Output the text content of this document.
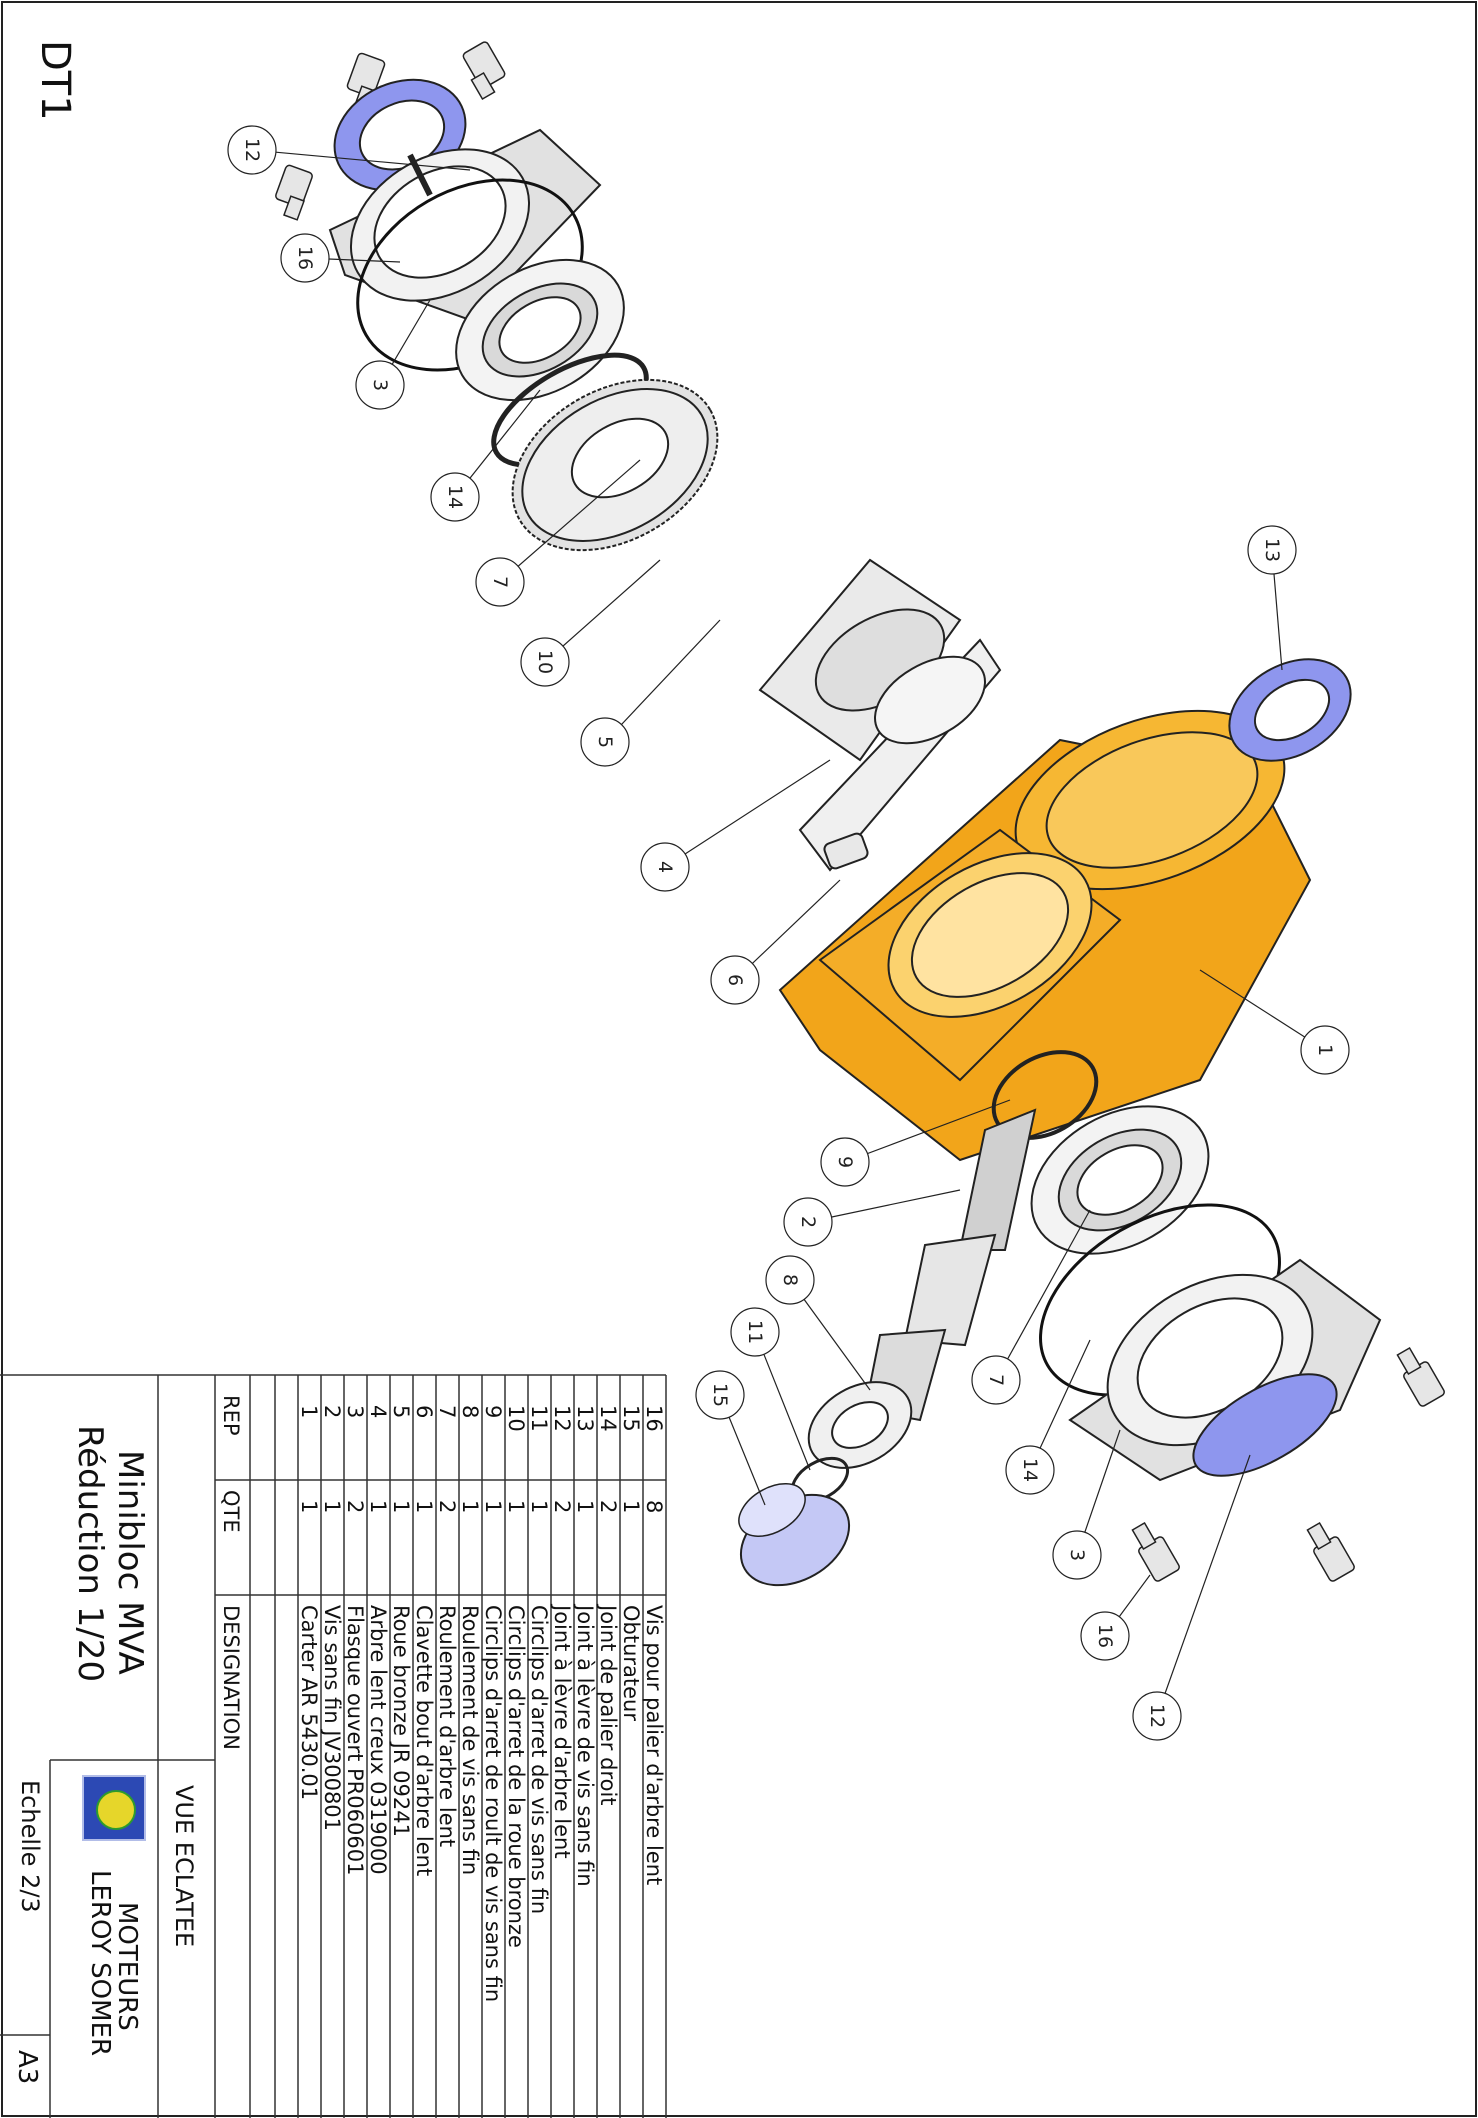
12
16
3
14
7
10
5
4
6
13
1
9
2
8
11
15
7
14
3
16
12
DT1
Minibloc MVA
Réduction 1/20
VUE ECLATEE
MOTEURS
LEROY SOMER
Echelle 2/3
A3
REP
QTE
DESIGNATION
16
8
Vis pour palier d'arbre lent
15
1
Obturateur
14
2
Joint de palier droit
13
1
Joint à lèvre de vis sans fin
12
2
Joint à lèvre d'arbre lent
11
1
Circlips d'arret de vis sans fin
10
1
Circlips d'arret de la roue bronze
9
1
Circlips d'arret de roult de vis sans fin
8
1
Roulement de vis sans fin
7
2
Roulement d'arbre lent
6
1
Clavette bout d'arbre lent
5
1
Roue bronze JR 09241
4
1
Arbre lent creux 0319000
3
2
Flasque ouvert PR060601
2
1
Vis sans fin JV300801
1
1
Carter AR 5430.01
